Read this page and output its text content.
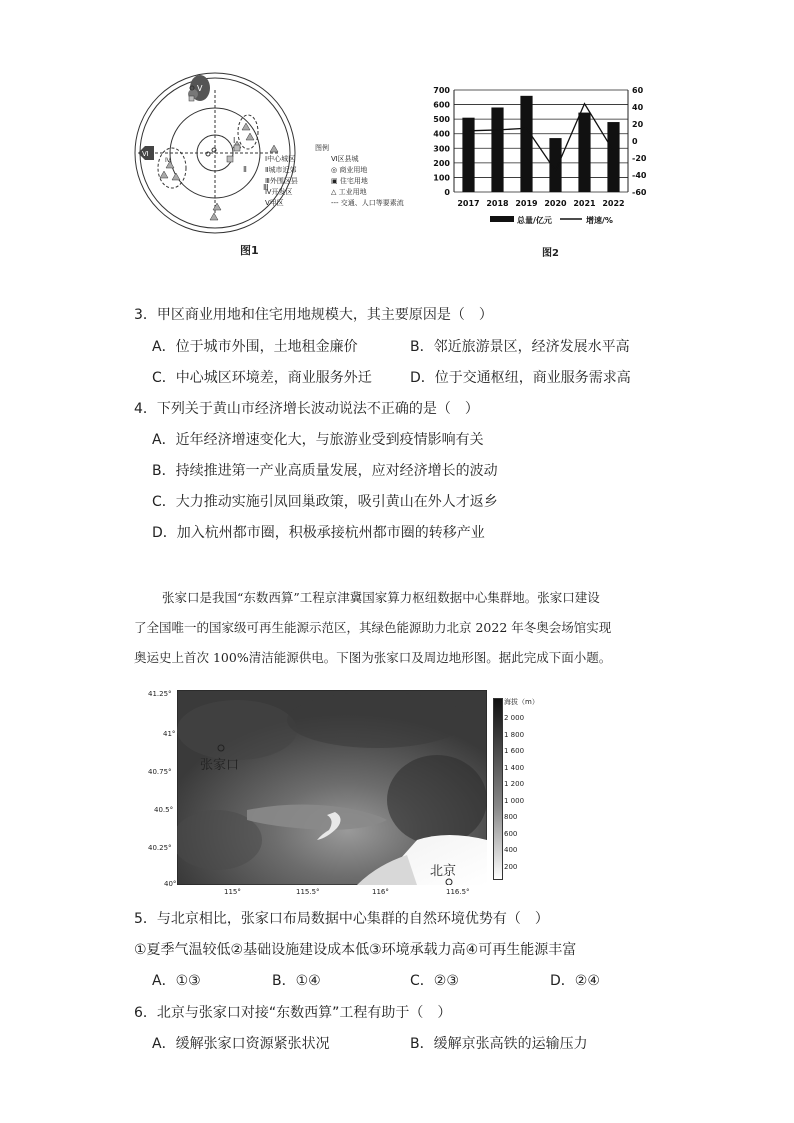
V
Ⅵ
Ⅰ
Ⅱ
Ⅲ
Ⅳ
图例
Ⅰ中心城区	Ⅵ区县城
Ⅱ城市近郊	◎ 商业用地
Ⅲ外围区县	▣ 住宅用地
Ⅳ开发区	△ 工业用地
Ⅴ甲区	--- 交通、人口等要素流
图1
0
100
200
300
400
500
600
700	60
40
20
0
-20
-40
-60
2017 2018 2019 2020 2021 2022
总量/亿元	增速/%
图2
3．甲区商业用地和住宅用地规模大，其主要原因是（　）
A．位于城市外围，土地租金廉价	B．邻近旅游景区，经济发展水平高
C．中心城区环境差，商业服务外迁	D．位于交通枢纽，商业服务需求高
4．下列关于黄山市经济增长波动说法不正确的是（　）
A．近年经济增速变化大，与旅游业受到疫情影响有关
B．持续推进第一产业高质量发展，应对经济增长的波动
C．大力推动实施引凤回巢政策，吸引黄山在外人才返乡
D．加入杭州都市圈，积极承接杭州都市圈的转移产业
张家口是我国“东数西算”工程京津冀国家算力枢纽数据中心集群地。张家口建设
了全国唯一的国家级可再生能源示范区，其绿色能源助力北京 2022 年冬奥会场馆实现
奥运史上首次 100%清洁能源供电。下图为张家口及周边地形图。据此完成下面小题。
41.25°
41°
40.75°
40.5°
40.25°
40°
张家口
北京
115°	115.5°	116°	116.5°
海拔（m）
2 000
1 800
1 600
1 400
1 200
1 000
800
600
400
200
5．与北京相比，张家口布局数据中心集群的自然环境优势有（　）
①夏季气温较低②基础设施建设成本低③环境承载力高④可再生能源丰富
A．①③	B．①④	C．②③	D．②④
6．北京与张家口对接“东数西算”工程有助于（　）
A．缓解张家口资源紧张状况	B．缓解京张高铁的运输压力
